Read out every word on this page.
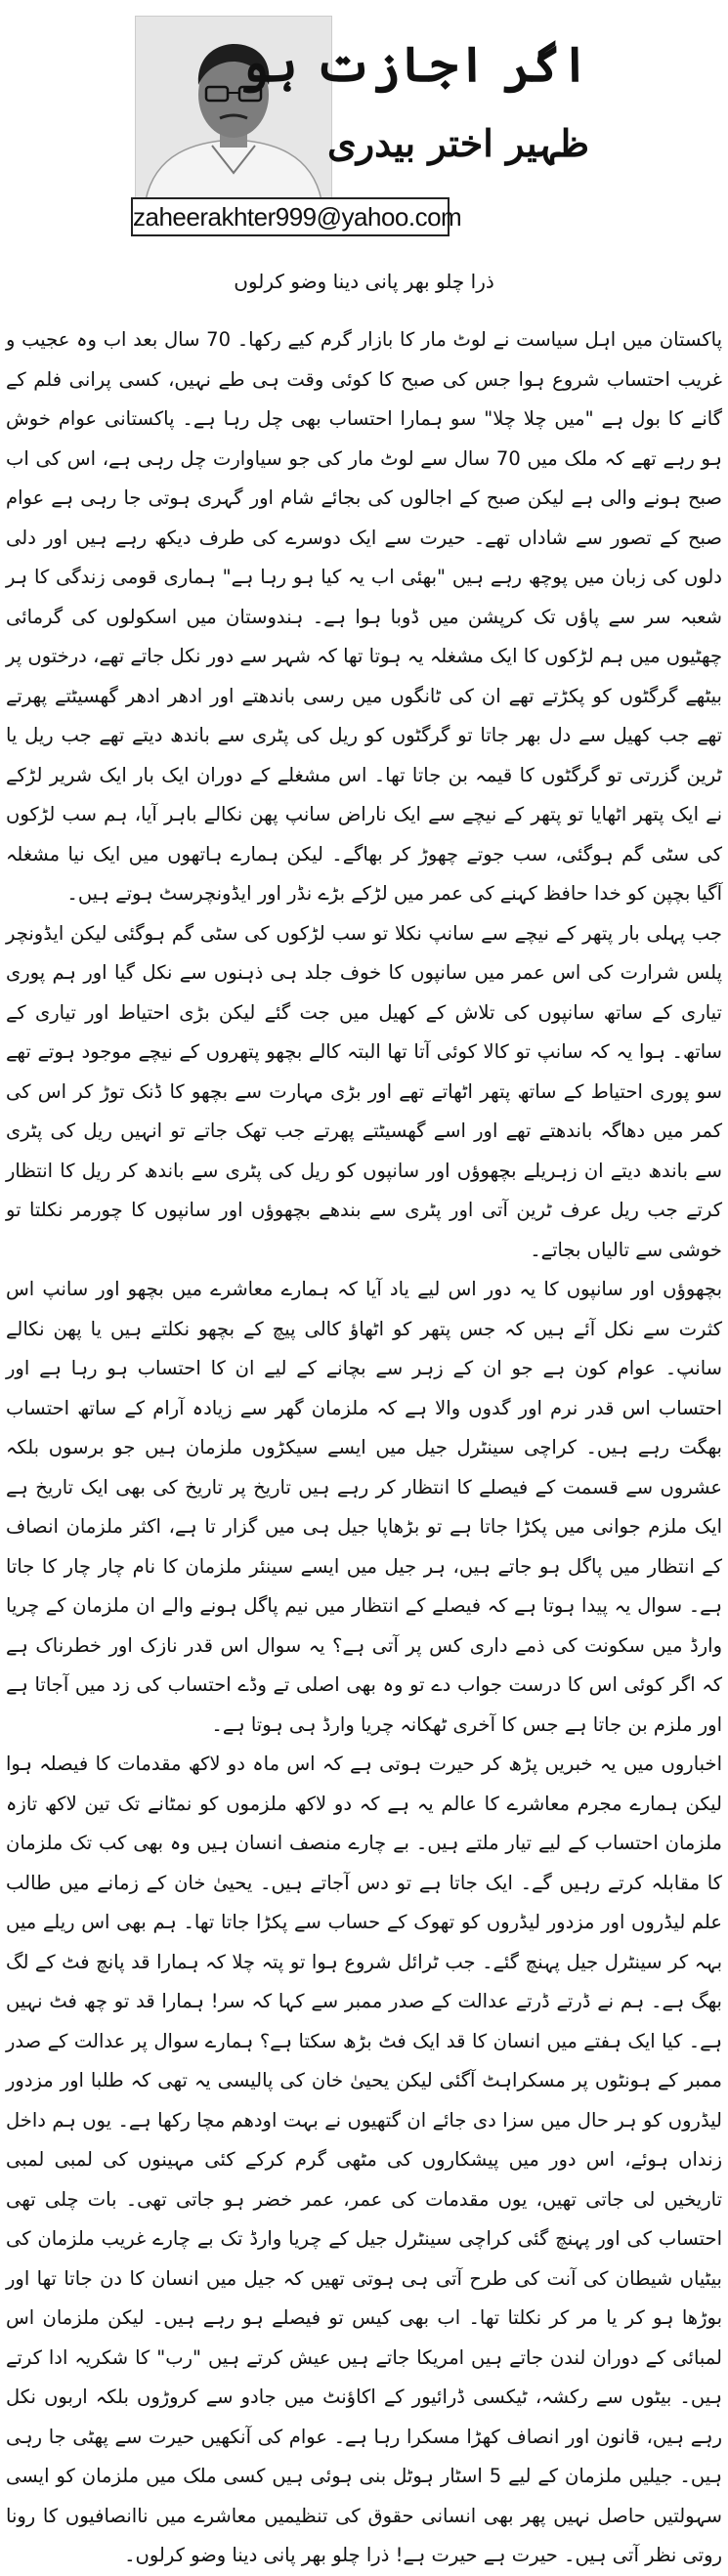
اگر اجازت ہو
ظہیر اختر بیدری
zaheerakhter999@yahoo.com
ذرا چلو بھر پانی دینا وضو کرلوں

پاکستان میں اہل سیاست نے لوٹ مار کا بازار گرم کیے رکھا۔ 70 سال بعد اب وہ عجیب و غریب احتساب شروع ہوا جس کی صبح کا کوئی وقت ہی طے نہیں، کسی پرانی فلم کے گانے کا بول ہے "میں چلا چلا" سو ہمارا احتساب بھی چل رہا ہے۔ پاکستانی عوام خوش ہو رہے تھے کہ ملک میں 70 سال سے لوٹ مار کی جو سیاوارت چل رہی ہے، اس کی اب صبح ہونے والی ہے لیکن صبح کے اجالوں کی بجائے شام اور گہری ہوتی جا رہی ہے عوام صبح کے تصور سے شاداں تھے۔ حیرت سے ایک دوسرے کی طرف دیکھ رہے ہیں اور دلی دلوں کی زبان میں پوچھ رہے ہیں "بھئی اب یہ کیا ہو رہا ہے" ہماری قومی زندگی کا ہر شعبہ سر سے پاؤں تک کرپشن میں ڈوبا ہوا ہے۔ ہندوستان میں اسکولوں کی گرمائی چھٹیوں میں ہم لڑکوں کا ایک مشغلہ یہ ہوتا تھا کہ شہر سے دور نکل جاتے تھے، درختوں پر بیٹھے گرگٹوں کو پکڑتے تھے ان کی ٹانگوں میں رسی باندھتے اور ادھر ادھر گھسیٹتے پھرتے تھے جب کھیل سے دل بھر جاتا تو گرگٹوں کو ریل کی پٹری سے باندھ دیتے تھے جب ریل یا ٹرین گزرتی تو گرگٹوں کا قیمہ بن جاتا تھا۔ اس مشغلے کے دوران ایک بار ایک شریر لڑکے نے ایک پتھر اٹھایا تو پتھر کے نیچے سے ایک ناراض سانپ پھن نکالے باہر آیا، ہم سب لڑکوں کی سٹی گم ہوگئی، سب جوتے چھوڑ کر بھاگے۔ لیکن ہمارے ہاتھوں میں ایک نیا مشغلہ آگیا بچپن کو خدا حافظ کہنے کی عمر میں لڑکے بڑے نڈر اور ایڈونچرسٹ ہوتے ہیں۔

جب پہلی بار پتھر کے نیچے سے سانپ نکلا تو سب لڑکوں کی سٹی گم ہوگئی لیکن ایڈونچر پلس شرارت کی اس عمر میں سانپوں کا خوف جلد ہی ذہنوں سے نکل گیا اور ہم پوری تیاری کے ساتھ سانپوں کی تلاش کے کھیل میں جت گئے لیکن بڑی احتیاط اور تیاری کے ساتھ۔ ہوا یہ کہ سانپ تو کالا کوئی آتا تھا البتہ کالے بچھو پتھروں کے نیچے موجود ہوتے تھے سو پوری احتیاط کے ساتھ پتھر اٹھاتے تھے اور بڑی مہارت سے بچھو کا ڈنک توڑ کر اس کی کمر میں دھاگہ باندھتے تھے اور اسے گھسیٹتے پھرتے جب تھک جاتے تو انہیں ریل کی پٹری سے باندھ دیتے ان زہریلے بچھوؤں اور سانپوں کو ریل کی پٹری سے باندھ کر ریل کا انتظار کرتے جب ریل عرف ٹرین آتی اور پٹری سے بندھے بچھوؤں اور سانپوں کا چورمر نکلتا تو خوشی سے تالیاں بجاتے۔

بچھوؤں اور سانپوں کا یہ دور اس لیے یاد آیا کہ ہمارے معاشرے میں بچھو اور سانپ اس کثرت سے نکل آئے ہیں کہ جس پتھر کو اٹھاؤ کالی پیچ کے بچھو نکلتے ہیں یا پھن نکالے سانپ۔ عوام کون ہے جو ان کے زہر سے بچانے کے لیے ان کا احتساب ہو رہا ہے اور احتساب اس قدر نرم اور گدوں والا ہے کہ ملزمان گھر سے زیادہ آرام کے ساتھ احتساب بھگت رہے ہیں۔ کراچی سینٹرل جیل میں ایسے سیکڑوں ملزمان ہیں جو برسوں بلکہ عشروں سے قسمت کے فیصلے کا انتظار کر رہے ہیں تاریخ پر تاریخ کی بھی ایک تاریخ ہے ایک ملزم جوانی میں پکڑا جاتا ہے تو بڑھاپا جیل ہی میں گزار تا ہے، اکثر ملزمان انصاف کے انتظار میں پاگل ہو جاتے ہیں، ہر جیل میں ایسے سینئر ملزمان کا نام چار چار کا جاتا ہے۔ سوال یہ پیدا ہوتا ہے کہ فیصلے کے انتظار میں نیم پاگل ہونے والے ان ملزمان کے چریا وارڈ میں سکونت کی ذمے داری کس پر آتی ہے؟ یہ سوال اس قدر نازک اور خطرناک ہے کہ اگر کوئی اس کا درست جواب دے تو وہ بھی اصلی تے وڈے احتساب کی زد میں آجاتا ہے اور ملزم بن جاتا ہے جس کا آخری ٹھکانہ چریا وارڈ ہی ہوتا ہے۔

اخباروں میں یہ خبریں پڑھ کر حیرت ہوتی ہے کہ اس ماہ دو لاکھ مقدمات کا فیصلہ ہوا لیکن ہمارے مجرم معاشرے کا عالم یہ ہے کہ دو لاکھ ملزموں کو نمٹانے تک تین لاکھ تازہ ملزمان احتساب کے لیے تیار ملتے ہیں۔ بے چارے منصف انسان ہیں وہ بھی کب تک ملزمان کا مقابلہ کرتے رہیں گے۔ ایک جاتا ہے تو دس آجاتے ہیں۔ یحییٰ خان کے زمانے میں طالب علم لیڈروں اور مزدور لیڈروں کو تھوک کے حساب سے پکڑا جاتا تھا۔ ہم بھی اس ریلے میں بہہ کر سینٹرل جیل پہنچ گئے۔ جب ٹرائل شروع ہوا تو پتہ چلا کہ ہمارا قد پانچ فٹ کے لگ بھگ ہے۔ ہم نے ڈرتے ڈرتے عدالت کے صدر ممبر سے کہا کہ سر! ہمارا قد تو چھ فٹ نہیں ہے۔ کیا ایک ہفتے میں انسان کا قد ایک فٹ بڑھ سکتا ہے؟ ہمارے سوال پر عدالت کے صدر ممبر کے ہونٹوں پر مسکراہٹ آگئی لیکن یحییٰ خان کی پالیسی یہ تھی کہ طلبا اور مزدور لیڈروں کو ہر حال میں سزا دی جائے ان گتھیوں نے بہت اودھم مچا رکھا ہے۔ یوں ہم داخل زنداں ہوئے، اس دور میں پیشکاروں کی مٹھی گرم کرکے کئی مہینوں کی لمبی لمبی تاریخیں لی جاتی تھیں، یوں مقدمات کی عمر، عمر خضر ہو جاتی تھی۔ بات چلی تھی احتساب کی اور پہنچ گئی کراچی سینٹرل جیل کے چریا وارڈ تک بے چارے غریب ملزمان کی بیٹیاں شیطان کی آنت کی طرح آتی ہی ہوتی تھیں کہ جیل میں انسان کا دن جاتا تھا اور بوڑھا ہو کر یا مر کر نکلتا تھا۔ اب بھی کیس تو فیصلے ہو رہے ہیں۔ لیکن ملزمان اس لمبائی کے دوران لندن جاتے ہیں امریکا جاتے ہیں عیش کرتے ہیں "رب" کا شکریہ ادا کرتے ہیں۔ بیٹوں سے رکشہ، ٹیکسی ڈرائیور کے اکاؤنٹ میں جادو سے کروڑوں بلکہ اربوں نکل رہے ہیں، قانون اور انصاف کھڑا مسکرا رہا ہے۔ عوام کی آنکھیں حیرت سے پھٹی جا رہی ہیں۔ جیلیں ملزمان کے لیے 5 اسٹار ہوٹل بنی ہوئی ہیں کسی ملک میں ملزمان کو ایسی سہولتیں حاصل نہیں پھر بھی انسانی حقوق کی تنظیمیں معاشرے میں ناانصافیوں کا رونا روتی نظر آتی ہیں۔ حیرت ہے حیرت ہے! ذرا چلو بھر پانی دینا وضو کرلوں۔
